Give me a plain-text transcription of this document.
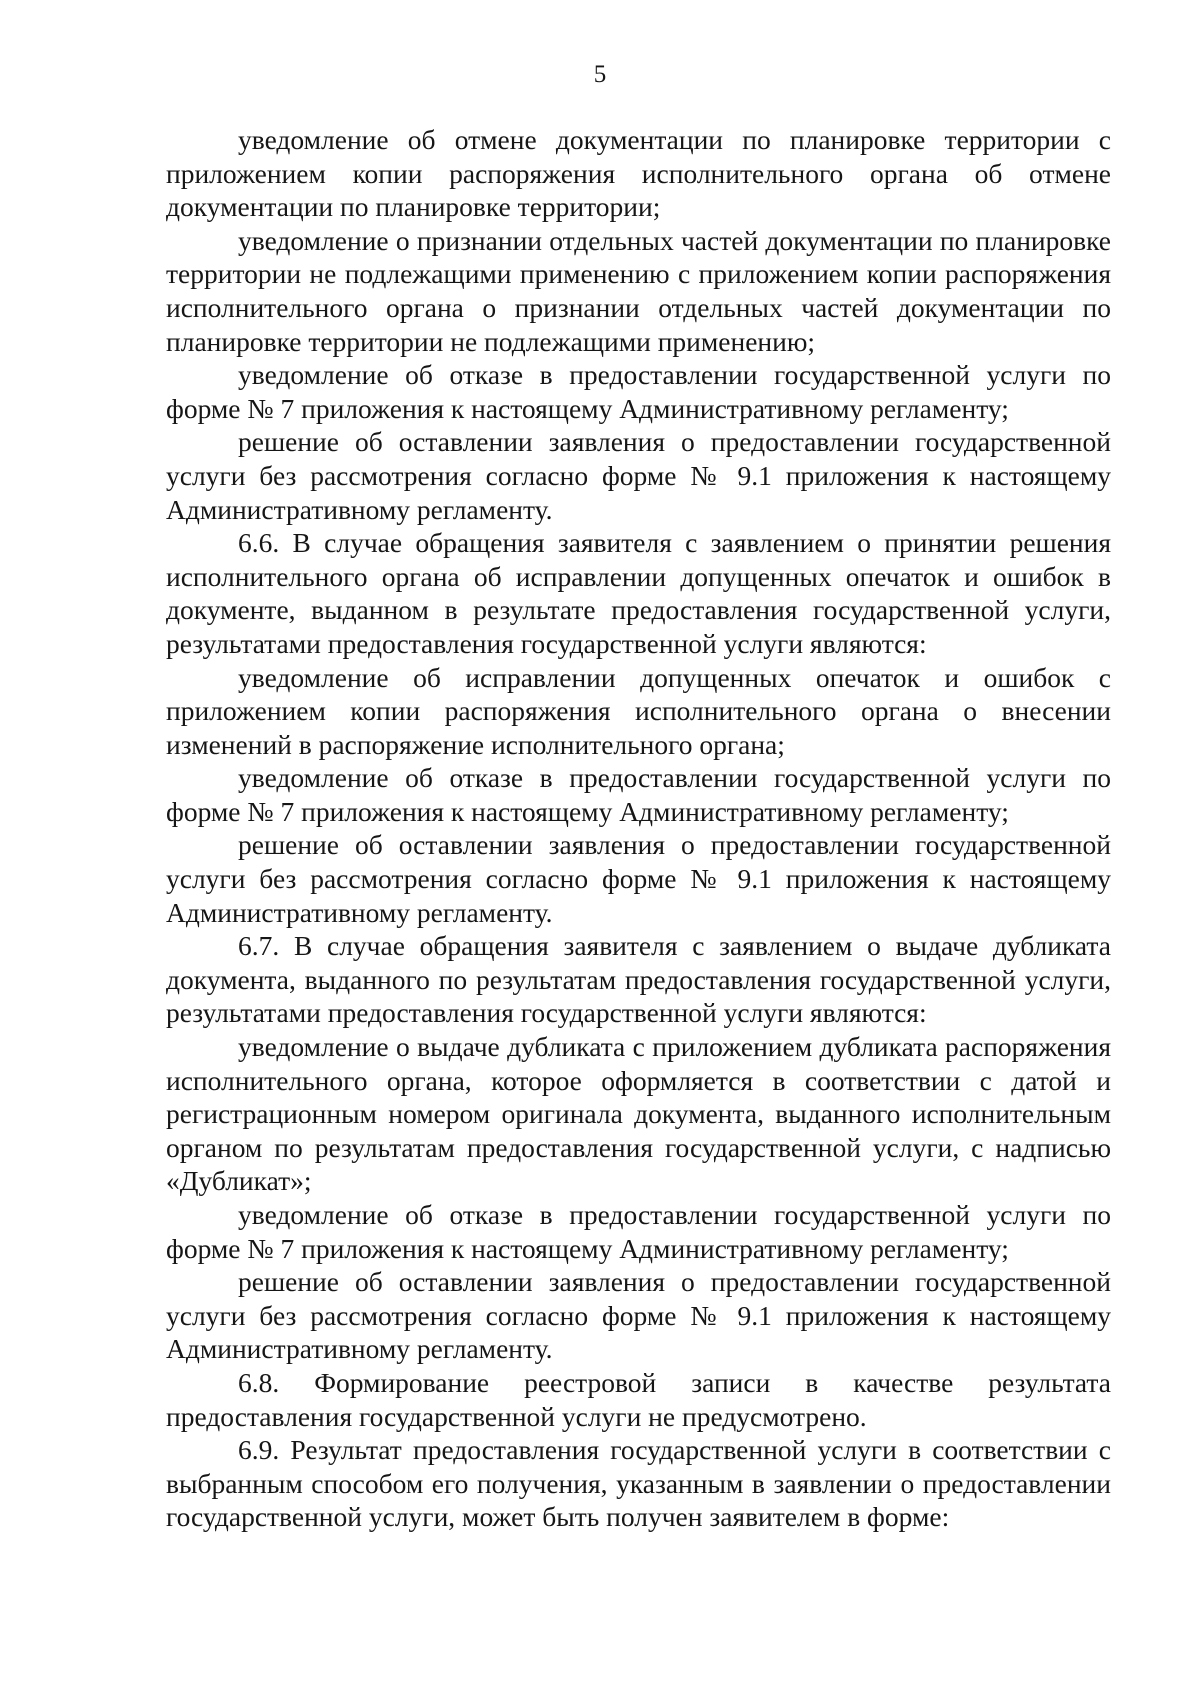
5

уведомление об отмене документации по планировке территории с приложением копии распоряжения исполнительного органа об отмене документации по планировке территории;

уведомление о признании отдельных частей документации по планировке территории не подлежащими применению с приложением копии распоряжения исполнительного органа о признании отдельных частей документации по планировке территории не подлежащими применению;

уведомление об отказе в предоставлении государственной услуги по форме № 7 приложения к настоящему Административному регламенту;

решение об оставлении заявления о предоставлении государственной услуги без рассмотрения согласно форме № 9.1 приложения к настоящему Административному регламенту.

6.6. В случае обращения заявителя с заявлением о принятии решения исполнительного органа об исправлении допущенных опечаток и ошибок в документе, выданном в результате предоставления государственной услуги, результатами предоставления государственной услуги являются:

уведомление об исправлении допущенных опечаток и ошибок с приложением копии распоряжения исполнительного органа о внесении изменений в распоряжение исполнительного органа;

уведомление об отказе в предоставлении государственной услуги по форме № 7 приложения к настоящему Административному регламенту;

решение об оставлении заявления о предоставлении государственной услуги без рассмотрения согласно форме № 9.1 приложения к настоящему Административному регламенту.

6.7. В случае обращения заявителя с заявлением о выдаче дубликата документа, выданного по результатам предоставления государственной услуги, результатами предоставления государственной услуги являются:

уведомление о выдаче дубликата с приложением дубликата распоряжения исполнительного органа, которое оформляется в соответствии с датой и регистрационным номером оригинала документа, выданного исполнительным органом по результатам предоставления государственной услуги, с надписью «Дубликат»;

уведомление об отказе в предоставлении государственной услуги по форме № 7 приложения к настоящему Административному регламенту;

решение об оставлении заявления о предоставлении государственной услуги без рассмотрения согласно форме № 9.1 приложения к настоящему Административному регламенту.

6.8. Формирование реестровой записи в качестве результата предоставления государственной услуги не предусмотрено.

6.9. Результат предоставления государственной услуги в соответствии с выбранным способом его получения, указанным в заявлении о предоставлении государственной услуги, может быть получен заявителем в форме:
